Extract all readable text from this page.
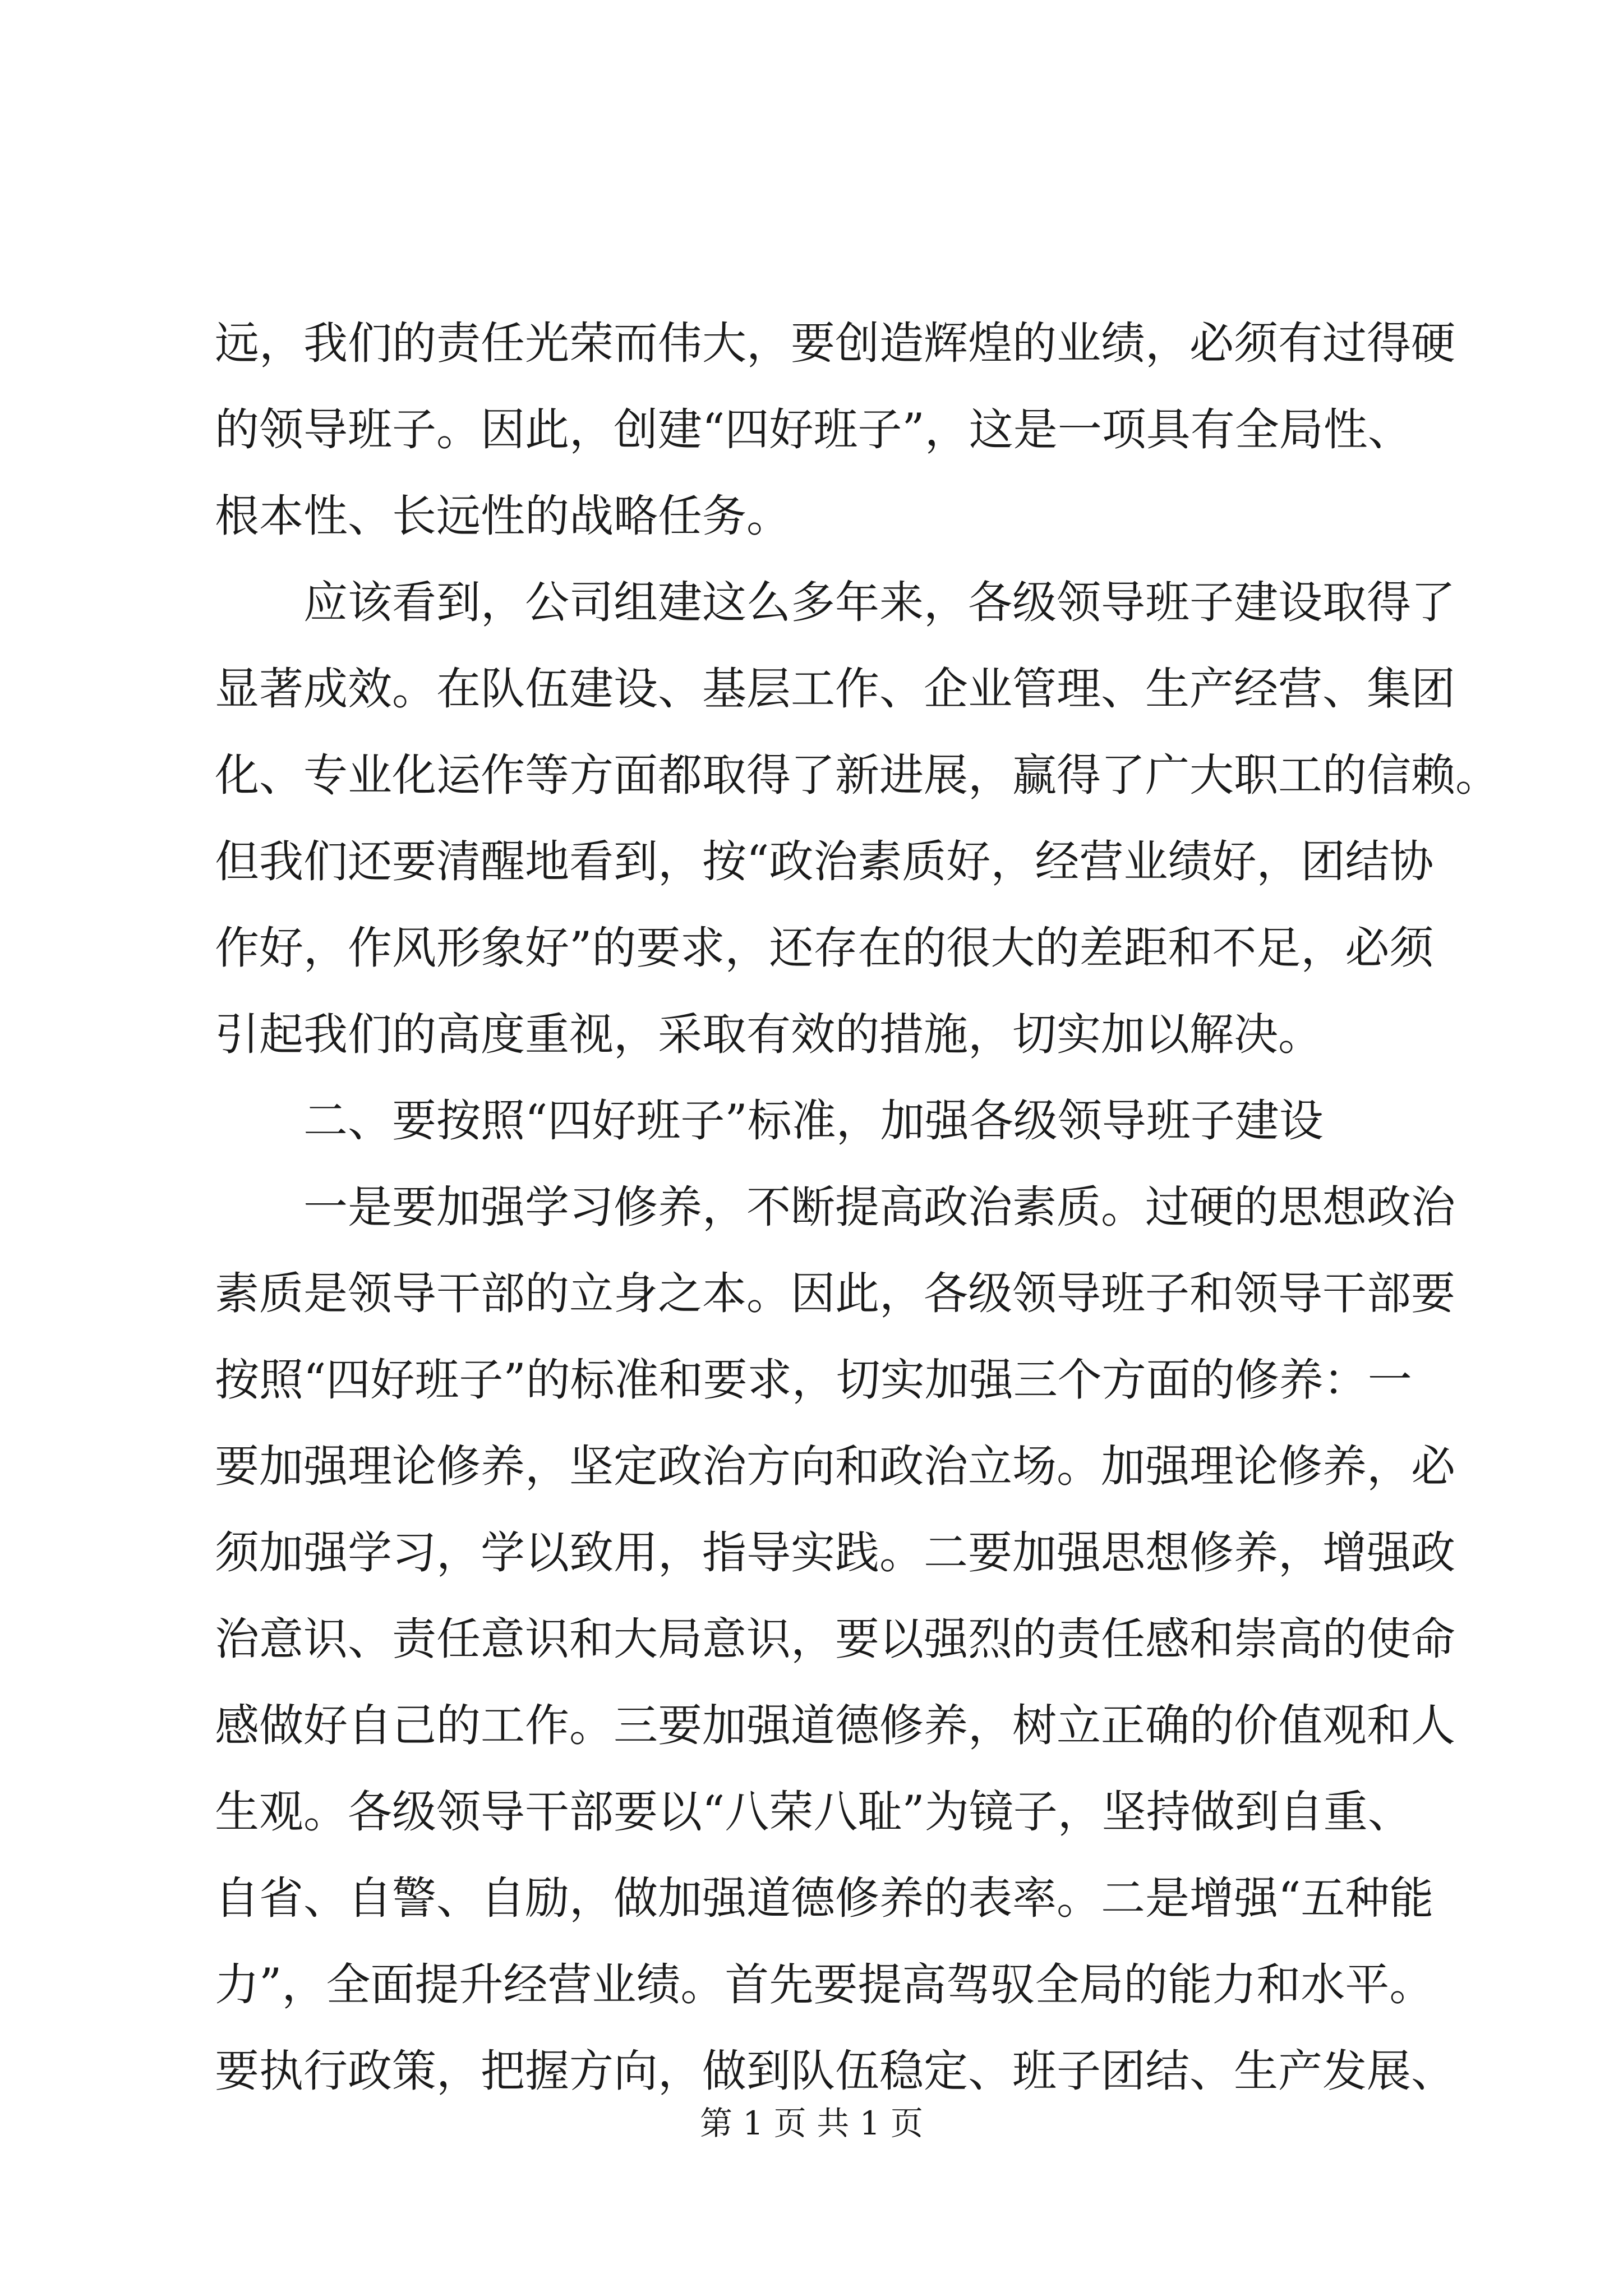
远，我们的责任光荣而伟大，要创造辉煌的业绩，必须有过得硬
的领导班子。因此，创建“四好班子”，这是一项具有全局性、
根本性、长远性的战略任务。
　　应该看到，公司组建这么多年来，各级领导班子建设取得了
显著成效。在队伍建设、基层工作、企业管理、生产经营、集团
化、专业化运作等方面都取得了新进展，赢得了广大职工的信赖。
但我们还要清醒地看到，按“政治素质好，经营业绩好，团结协
作好，作风形象好”的要求，还存在的很大的差距和不足，必须
引起我们的高度重视，采取有效的措施，切实加以解决。
　　二、要按照“四好班子”标准，加强各级领导班子建设
　　一是要加强学习修养，不断提高政治素质。过硬的思想政治
素质是领导干部的立身之本。因此，各级领导班子和领导干部要
按照“四好班子”的标准和要求，切实加强三个方面的修养：一
要加强理论修养，坚定政治方向和政治立场。加强理论修养，必
须加强学习，学以致用，指导实践。二要加强思想修养，增强政
治意识、责任意识和大局意识，要以强烈的责任感和崇高的使命
感做好自己的工作。三要加强道德修养，树立正确的价值观和人
生观。各级领导干部要以“八荣八耻”为镜子，坚持做到自重、
自省、自警、自励，做加强道德修养的表率。二是增强“五种能
力”，全面提升经营业绩。首先要提高驾驭全局的能力和水平。
要执行政策，把握方向，做到队伍稳定、班子团结、生产发展、
第 1 页 共 1 页
